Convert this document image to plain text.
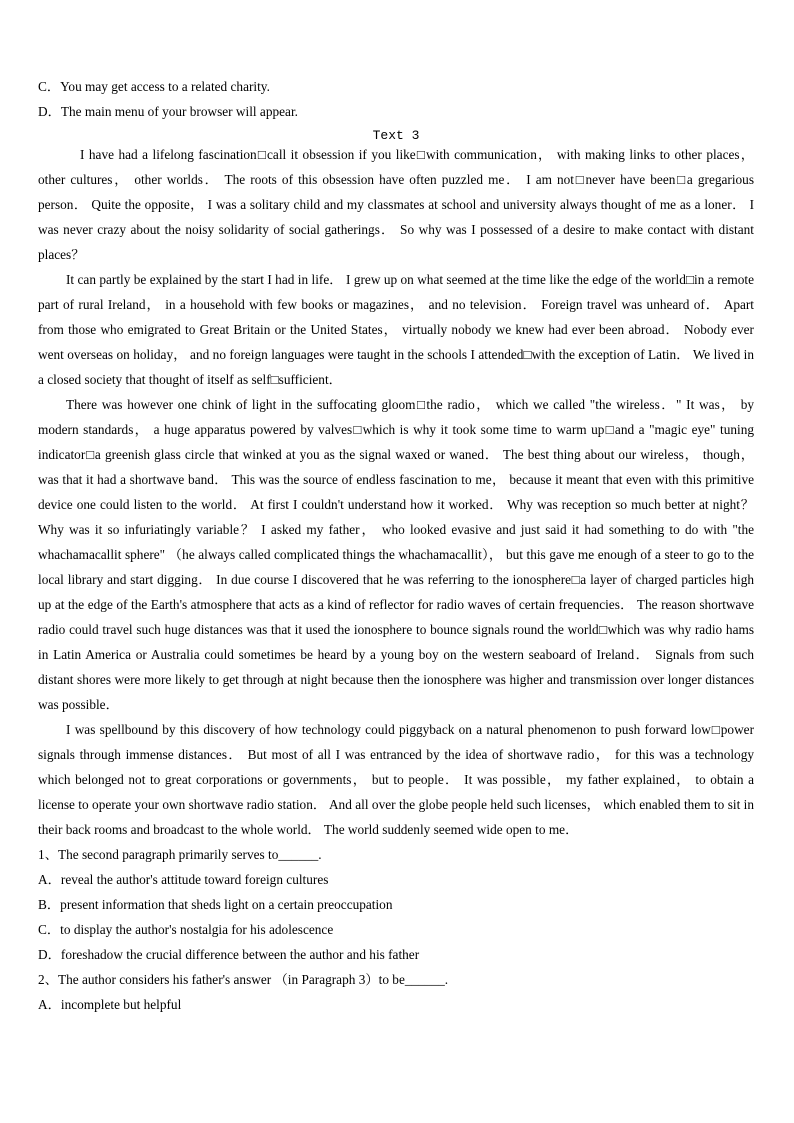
C．You may get access to a related charity.

D．The main menu of your browser will appear.

Text 3

I have had a lifelong fascination□call it obsession if you like□with communication， with making links to other places， other cultures， other worlds． The roots of this obsession have often puzzled me． I am not□never have been□a gregarious person． Quite the opposite， I was a solitary child and my classmates at school and university always thought of me as a loner． I was never crazy about the noisy solidarity of social gatherings． So why was I possessed of a desire to make contact with distant places？

It can partly be explained by the start I had in life． I grew up on what seemed at the time like the edge of the world□in a remote part of rural Ireland， in a household with few books or magazines， and no television． Foreign travel was unheard of． Apart from those who emigrated to Great Britain or the United States， virtually nobody we knew had ever been abroad． Nobody ever went overseas on holiday， and no foreign languages were taught in the schools I attended□with the exception of Latin． We lived in a closed society that thought of itself as self□sufficient．

There was however one chink of light in the suffocating gloom□the radio， which we called "the wireless．" It was， by modern standards， a huge apparatus powered by valves□which is why it took some time to warm up□and a "magic eye" tuning indicator□a greenish glass circle that winked at you as the signal waxed or waned． The best thing about our wireless， though， was that it had a shortwave band． This was the source of endless fascination to me， because it meant that even with this primitive device one could listen to the world． At first I couldn't understand how it worked． Why was reception so much better at night？ Why was it so infuriatingly variable？ I asked my father， who looked evasive and just said it had something to do with "the whachamacallit sphere" （he always called complicated things the whachamacallit）， but this gave me enough of a steer to go to the local library and start digging． In due course I discovered that he was referring to the ionosphere□a layer of charged particles high up at the edge of the Earth's atmosphere that acts as a kind of reflector for radio waves of certain frequencies． The reason shortwave radio could travel such huge distances was that it used the ionosphere to bounce signals round the world□which was why radio hams in Latin America or Australia could sometimes be heard by a young boy on the western seaboard of Ireland． Signals from such distant shores were more likely to get through at night because then the ionosphere was higher and transmission over longer distances was possible．

I was spellbound by this discovery of how technology could piggyback on a natural phenomenon to push forward low□power signals through immense distances． But most of all I was entranced by the idea of shortwave radio， for this was a technology which belonged not to great corporations or governments， but to people． It was possible， my father explained， to obtain a license to operate your own shortwave radio station． And all over the globe people held such licenses， which enabled them to sit in their back rooms and broadcast to the whole world． The world suddenly seemed wide open to me．

1、The second paragraph primarily serves to______.

A．reveal the author's attitude toward foreign cultures

B．present information that sheds light on a certain preoccupation

C．to display the author's nostalgia for his adolescence

D．foreshadow the crucial difference between the author and his father

2、The author considers his father's answer （in Paragraph 3）to be______.

A．incomplete but helpful
